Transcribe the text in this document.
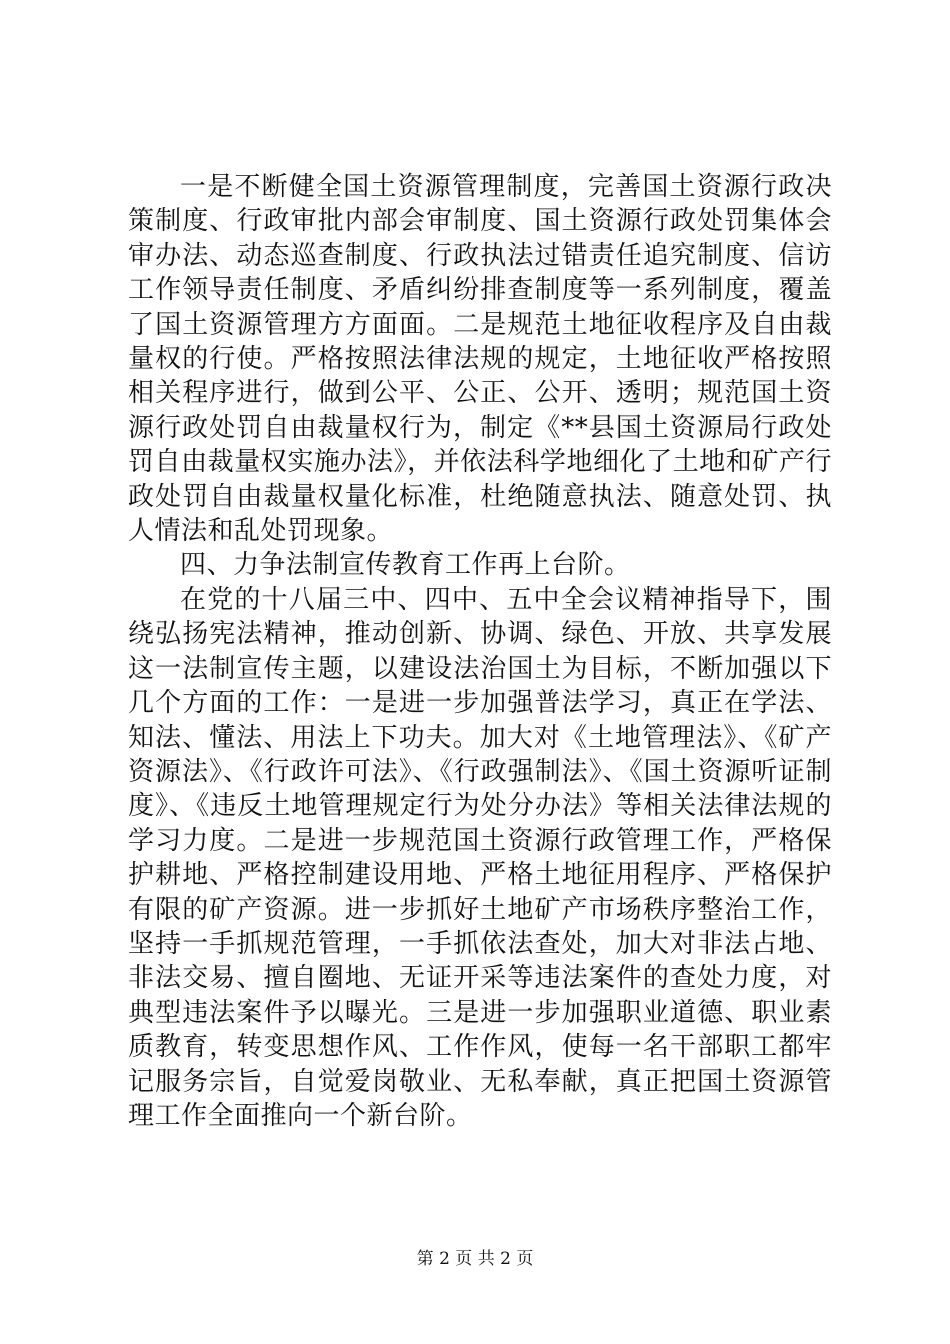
一是不断健全国土资源管理制度，完善国土资源行政决策制度、行政审批内部会审制度、国土资源行政处罚集体会审办法、动态巡查制度、行政执法过错责任追究制度、信访工作领导责任制度、矛盾纠纷排查制度等一系列制度，覆盖了国土资源管理方方面面。二是规范土地征收程序及自由裁量权的行使。严格按照法律法规的规定，土地征收严格按照相关程序进行，做到公平、公正、公开、透明；规范国土资源行政处罚自由裁量权行为，制定《**县国土资源局行政处罚自由裁量权实施办法》，并依法科学地细化了土地和矿产行政处罚自由裁量权量化标准，杜绝随意执法、随意处罚、执人情法和乱处罚现象。

四、力争法制宣传教育工作再上台阶。

在党的十八届三中、四中、五中全会议精神指导下，围绕弘扬宪法精神，推动创新、协调、绿色、开放、共享发展这一法制宣传主题，以建设法治国土为目标，不断加强以下几个方面的工作：一是进一步加强普法学习，真正在学法、知法、懂法、用法上下功夫。加大对《土地管理法》、《矿产资源法》、《行政许可法》、《行政强制法》、《国土资源听证制度》、《违反土地管理规定行为处分办法》等相关法律法规的学习力度。二是进一步规范国土资源行政管理工作，严格保护耕地、严格控制建设用地、严格土地征用程序、严格保护有限的矿产资源。进一步抓好土地矿产市场秩序整治工作，坚持一手抓规范管理，一手抓依法查处，加大对非法占地、非法交易、擅自圈地、无证开采等违法案件的查处力度，对典型违法案件予以曝光。三是进一步加强职业道德、职业素质教育，转变思想作风、工作作风，使每一名干部职工都牢记服务宗旨，自觉爱岗敬业、无私奉献，真正把国土资源管理工作全面推向一个新台阶。

第 2 页 共 2 页
